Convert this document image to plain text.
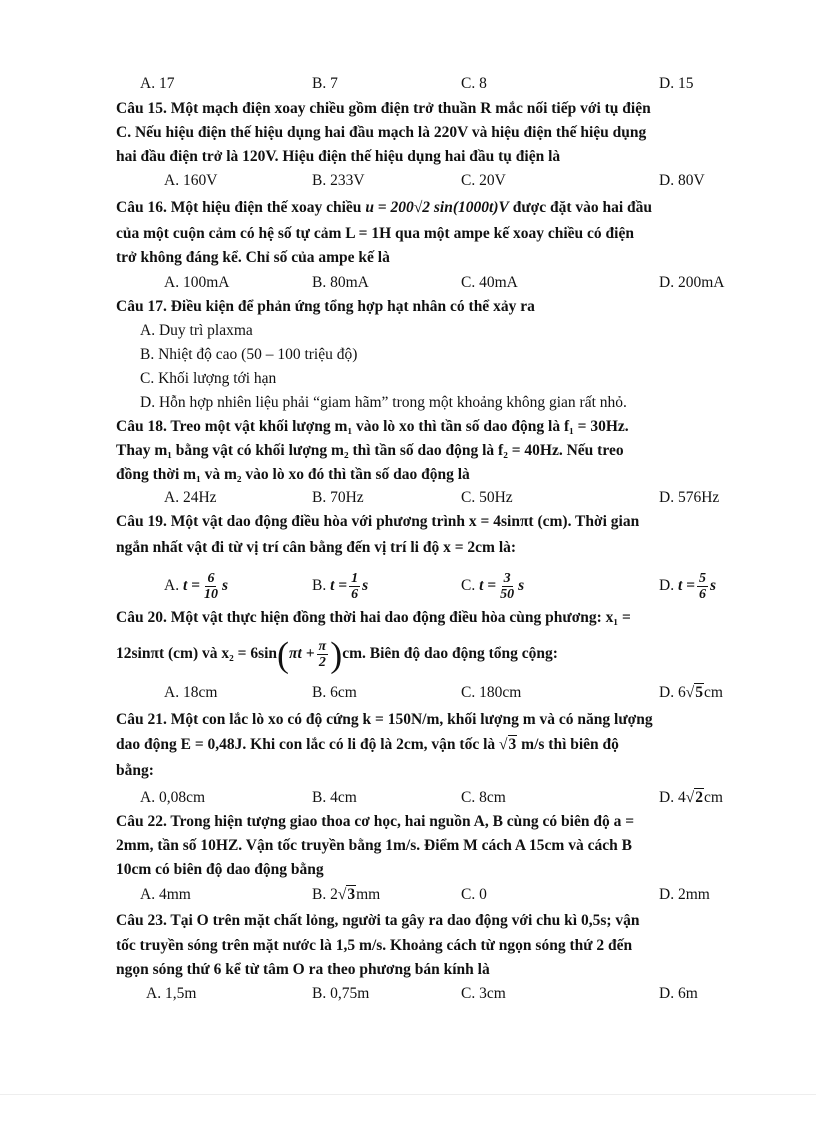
A. 17	B. 7	C. 8	D. 15
Câu 15. Một mạch điện xoay chiều gồm điện trở thuần R mắc nối tiếp với tụ điện
C. Nếu hiệu điện thế hiệu dụng hai đầu mạch là 220V và hiệu điện thế hiệu dụng
hai đầu điện trở là 120V. Hiệu điện thế hiệu dụng hai đầu tụ điện là
A. 160V	B. 233V	C. 20V	D. 80V
Câu 16. Một hiệu điện thế xoay chiều u = 200√2 sin(1000t)V được đặt vào hai đầu
của một cuộn cảm có hệ số tự cảm L = 1H qua một ampe kế xoay chiều có điện
trở không đáng kể. Chỉ số của ampe kế là
A. 100mA	B. 80mA	C. 40mA	D. 200mA
Câu 17. Điều kiện để phản ứng tổng hợp hạt nhân có thể xảy ra
A. Duy trì plaxma
B. Nhiệt độ cao (50 – 100 triệu độ)
C. Khối lượng tới hạn
D. Hỗn hợp nhiên liệu phải “giam hãm” trong một khoảng không gian rất nhỏ.
Câu 18. Treo một vật khối lượng m₁ vào lò xo thì tần số dao động là f₁ = 30Hz.
Thay m₁ bằng vật có khối lượng m₂ thì tần số dao động là f₂ = 40Hz. Nếu treo
đồng thời m₁ và m₂ vào lò xo đó thì tần số dao động là
A. 24Hz	B. 70Hz	C. 50Hz	D. 576Hz
Câu 19. Một vật dao động điều hòa với phương trình x = 4sinπt (cm). Thời gian
ngắn nhất vật đi từ vị trí cân bằng đến vị trí li độ x = 2cm là:
A. $t = \frac{6}{10}$ s	B. $t = \frac{1}{6}$ s	C. $t = \frac{3}{50}$ s	D. $t = \frac{5}{6}$ s
Câu 20. Một vật thực hiện đồng thời hai dao động điều hòa cùng phương: x₁ =
12sinπt (cm) và $x_2 = 6\sin(\pi t + \frac{\pi}{2} )cm$. Biên độ dao động tổng cộng:
A. 18cm	B. 6cm	C. 180cm	D. 6√5cm
Câu 21. Một con lắc lò xo có độ cứng k = 150N/m, khối lượng m và có năng lượng
dao động E = 0,48J. Khi con lắc có li độ là 2cm, vận tốc là √3 m/s thì biên độ
bằng:
A. 0,08cm	B. 4cm	C. 8cm	D. 4√2cm
Câu 22. Trong hiện tượng giao thoa cơ học, hai nguồn A, B cùng có biên độ a =
2mm, tần số 10HZ. Vận tốc truyền bằng 1m/s. Điểm M cách A 15cm và cách B
10cm có biên độ dao động bằng
A. 4mm	B. 2√3mm	C. 0	D. 2mm
Câu 23. Tại O trên mặt chất lỏng, người ta gây ra dao động với chu kì 0,5s; vận
tốc truyền sóng trên mặt nước là 1,5 m/s. Khoảng cách từ ngọn sóng thứ 2 đến
ngọn sóng thứ 6 kể từ tâm O ra theo phương bán kính là
A. 1,5m	B. 0,75m	C. 3cm	D. 6m
